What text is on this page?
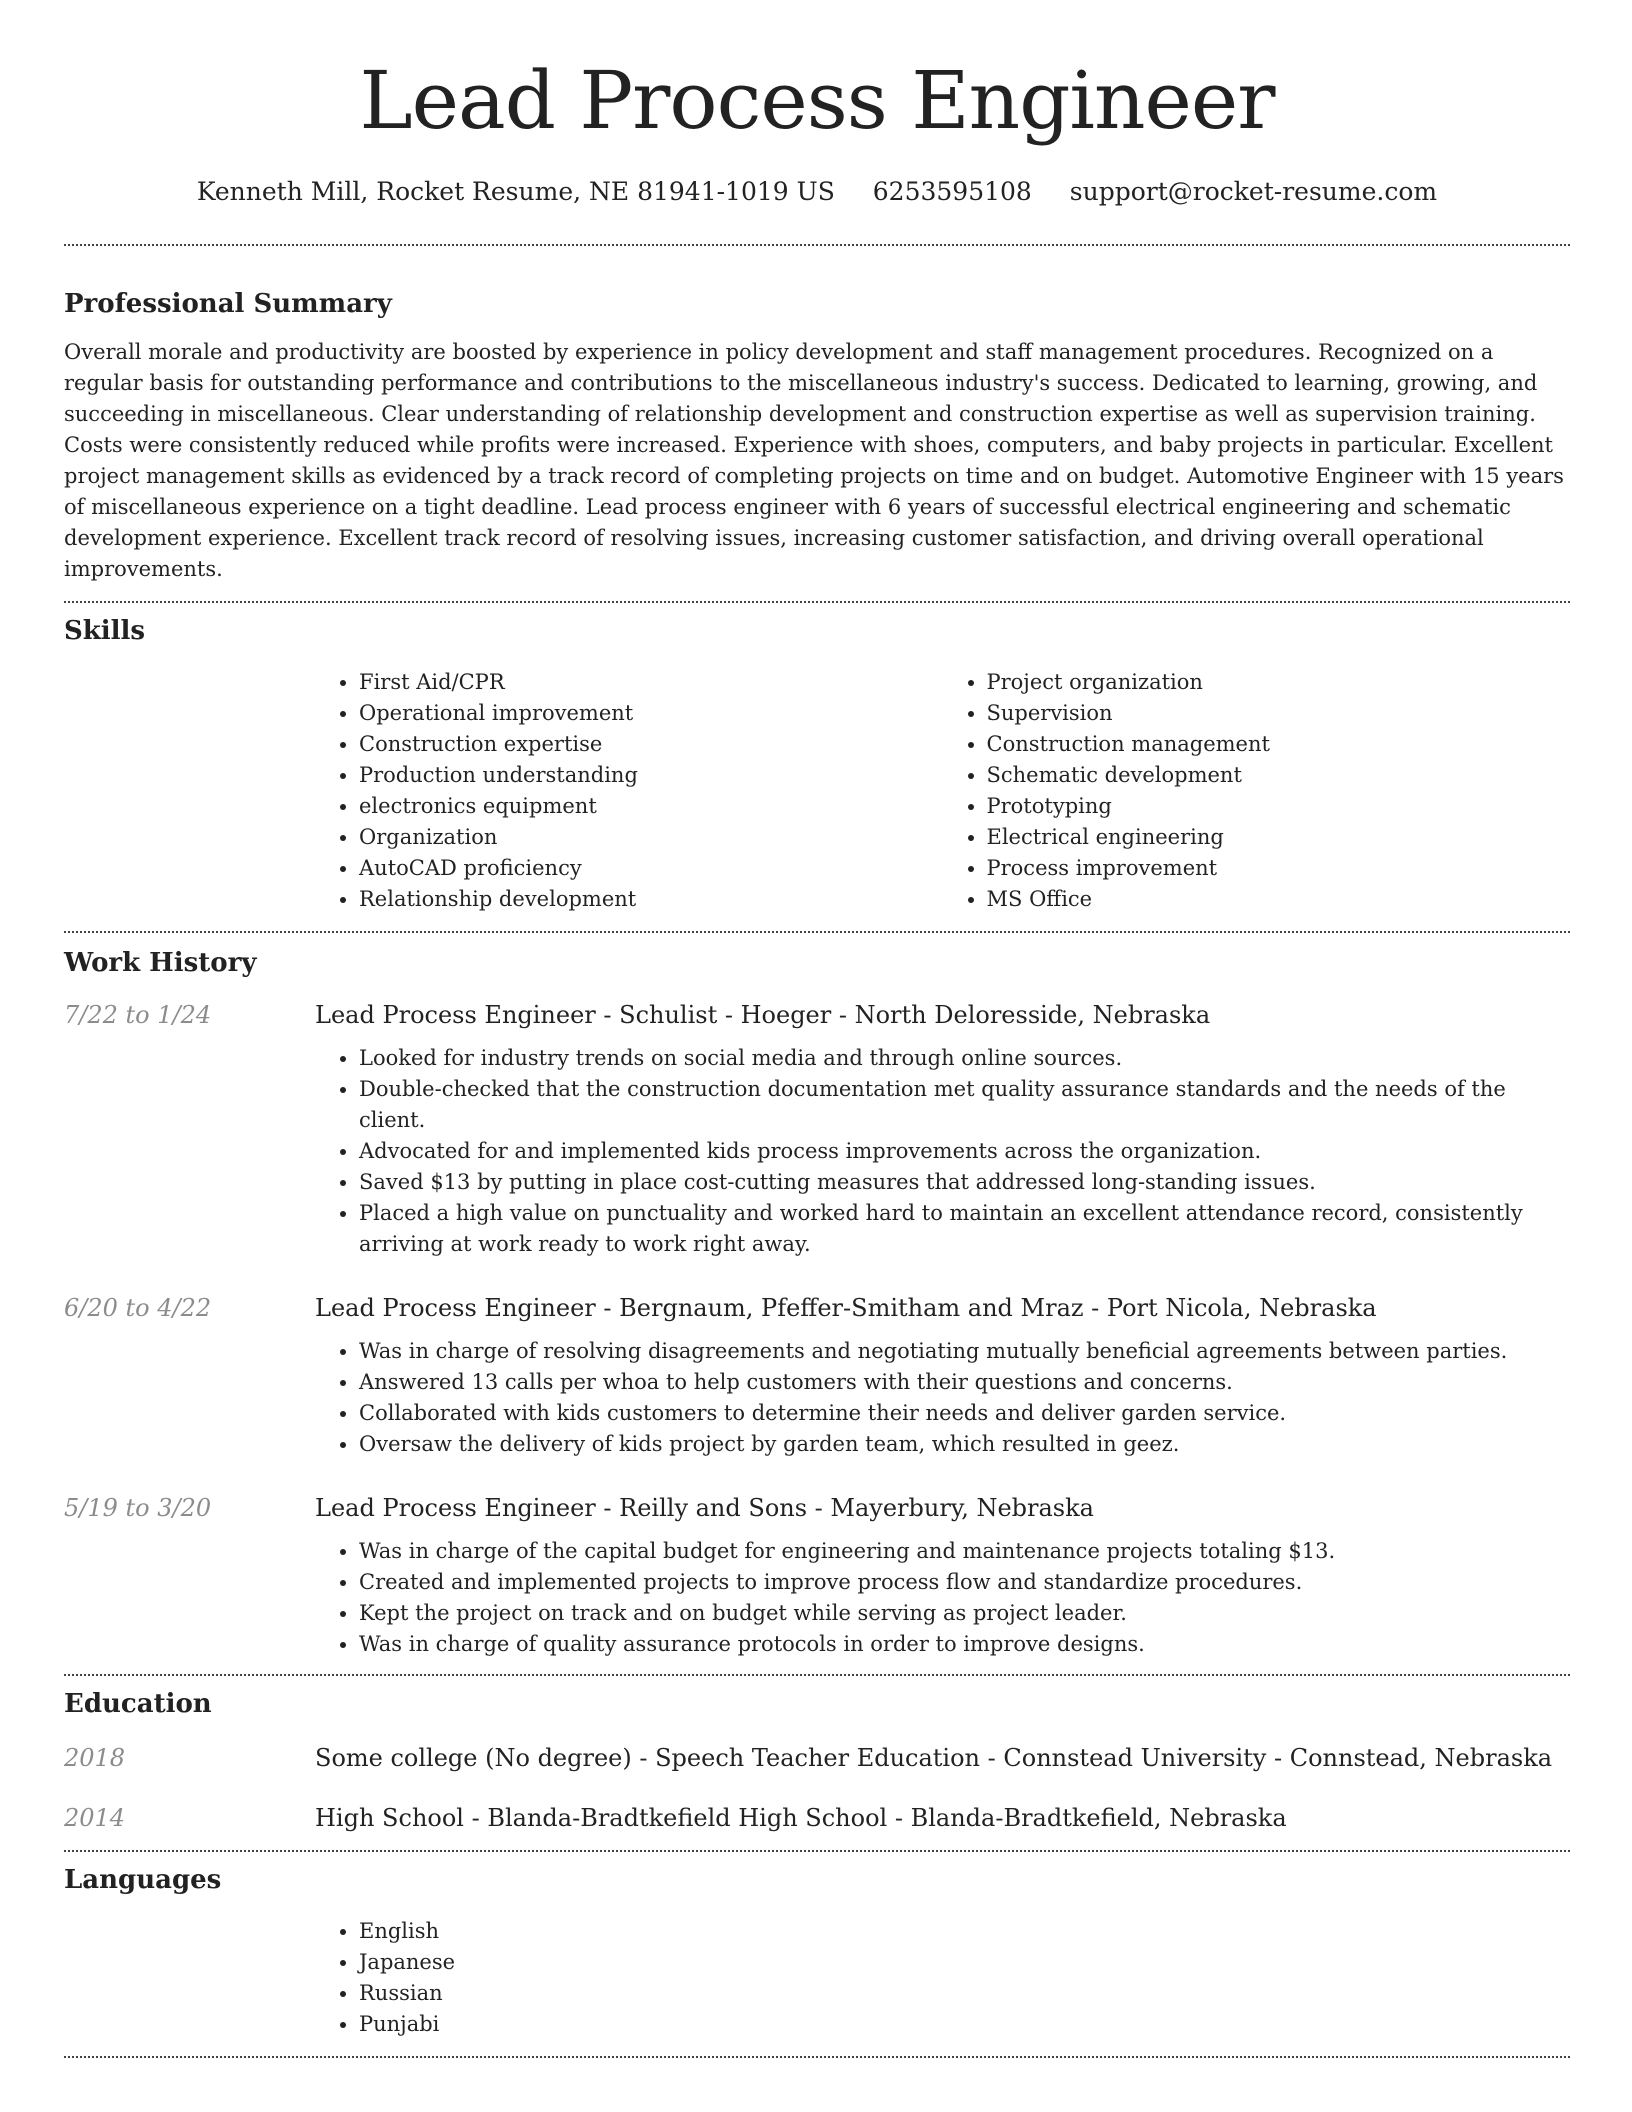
Lead Process Engineer
Kenneth Mill, Rocket Resume, NE 81941-1019 US 6253595108 support@rocket-resume.com
Professional Summary

Overall morale and productivity are boosted by experience in policy development and staff management procedures. Recognized on a regular basis for outstanding performance and contributions to the miscellaneous industry's success. Dedicated to learning, growing, and succeeding in miscellaneous. Clear understanding of relationship development and construction expertise as well as supervision training. Costs were consistently reduced while profits were increased. Experience with shoes, computers, and baby projects in particular. Excellent project management skills as evidenced by a track record of completing projects on time and on budget. Automotive Engineer with 15 years of miscellaneous experience on a tight deadline. Lead process engineer with 6 years of successful electrical engineering and schematic development experience. Excellent track record of resolving issues, increasing customer satisfaction, and driving overall operational improvements.

Skills
• First Aid/CPR
• Operational improvement
• Construction expertise
• Production understanding
• electronics equipment
• Organization
• AutoCAD proficiency
• Relationship development
• Project organization
• Supervision
• Construction management
• Schematic development
• Prototyping
• Electrical engineering
• Process improvement
• MS Office
Work History
7/22 to 1/24	Lead Process Engineer - Schulist - Hoeger - North Deloresside, Nebraska
• Looked for industry trends on social media and through online sources.
• Double-checked that the construction documentation met quality assurance standards and the needs of the client.
• Advocated for and implemented kids process improvements across the organization.
• Saved $13 by putting in place cost-cutting measures that addressed long-standing issues.
• Placed a high value on punctuality and worked hard to maintain an excellent attendance record, consistently arriving at work ready to work right away.
6/20 to 4/22	Lead Process Engineer - Bergnaum, Pfeffer-Smitham and Mraz - Port Nicola, Nebraska
• Was in charge of resolving disagreements and negotiating mutually beneficial agreements between parties.
• Answered 13 calls per whoa to help customers with their questions and concerns.
• Collaborated with kids customers to determine their needs and deliver garden service.
• Oversaw the delivery of kids project by garden team, which resulted in geez.
5/19 to 3/20	Lead Process Engineer - Reilly and Sons - Mayerbury, Nebraska
• Was in charge of the capital budget for engineering and maintenance projects totaling $13.
• Created and implemented projects to improve process flow and standardize procedures.
• Kept the project on track and on budget while serving as project leader.
• Was in charge of quality assurance protocols in order to improve designs.
Education
2018	Some college (No degree) - Speech Teacher Education - Connstead University - Connstead, Nebraska
2014	High School - Blanda-Bradtkefield High School - Blanda-Bradtkefield, Nebraska
Languages
• English
• Japanese
• Russian
• Punjabi
